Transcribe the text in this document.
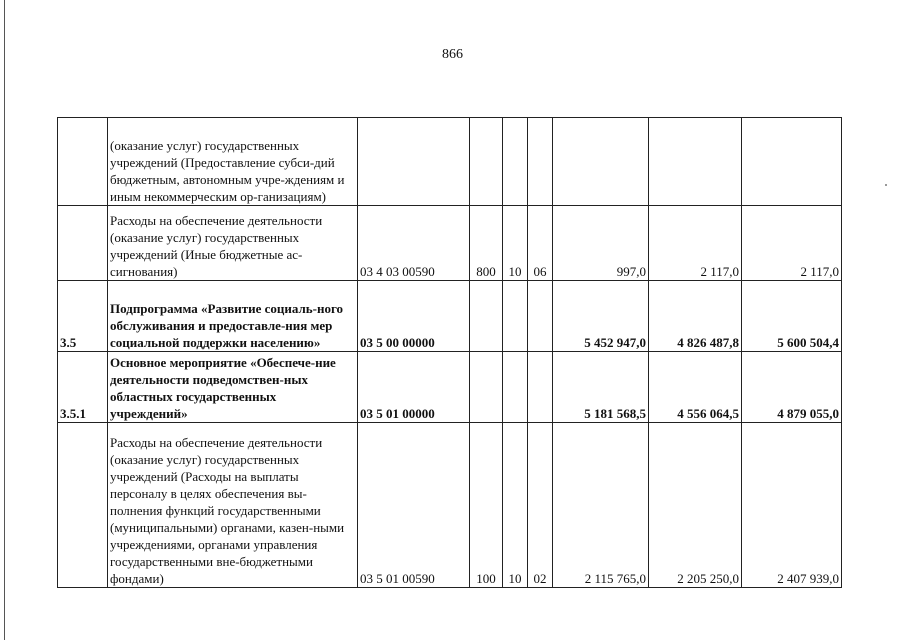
866
	(оказание услуг) государственных учреждений (Предоставление субси-дий бюджетным, автономным учре-ждениям и иным некоммерческим ор-ганизациям)							
	Расходы на обеспечение деятельности (оказание услуг) государственных учреждений (Иные бюджетные ас-сигнования)	03 4 03 00590	800	10	06	997,0	2 117,0	2 117,0
3.5	Подпрограмма «Развитие социаль-ного обслуживания и предоставле-ния мер социальной поддержки населению»	03 5 00 00000				5 452 947,0	4 826 487,8	5 600 504,4
3.5.1	Основное мероприятие «Обеспече-ние деятельности подведомствен-ных областных государственных учреждений»	03 5 01 00000				5 181 568,5	4 556 064,5	4 879 055,0
	Расходы на обеспечение деятельности (оказание услуг) государственных учреждений (Расходы на выплаты персоналу в целях обеспечения вы-полнения функций государственными (муниципальными) органами, казен-ными учреждениями, органами управления государственными вне-бюджетными фондами)	03 5 01 00590	100	10	02	2 115 765,0	2 205 250,0	2 407 939,0
